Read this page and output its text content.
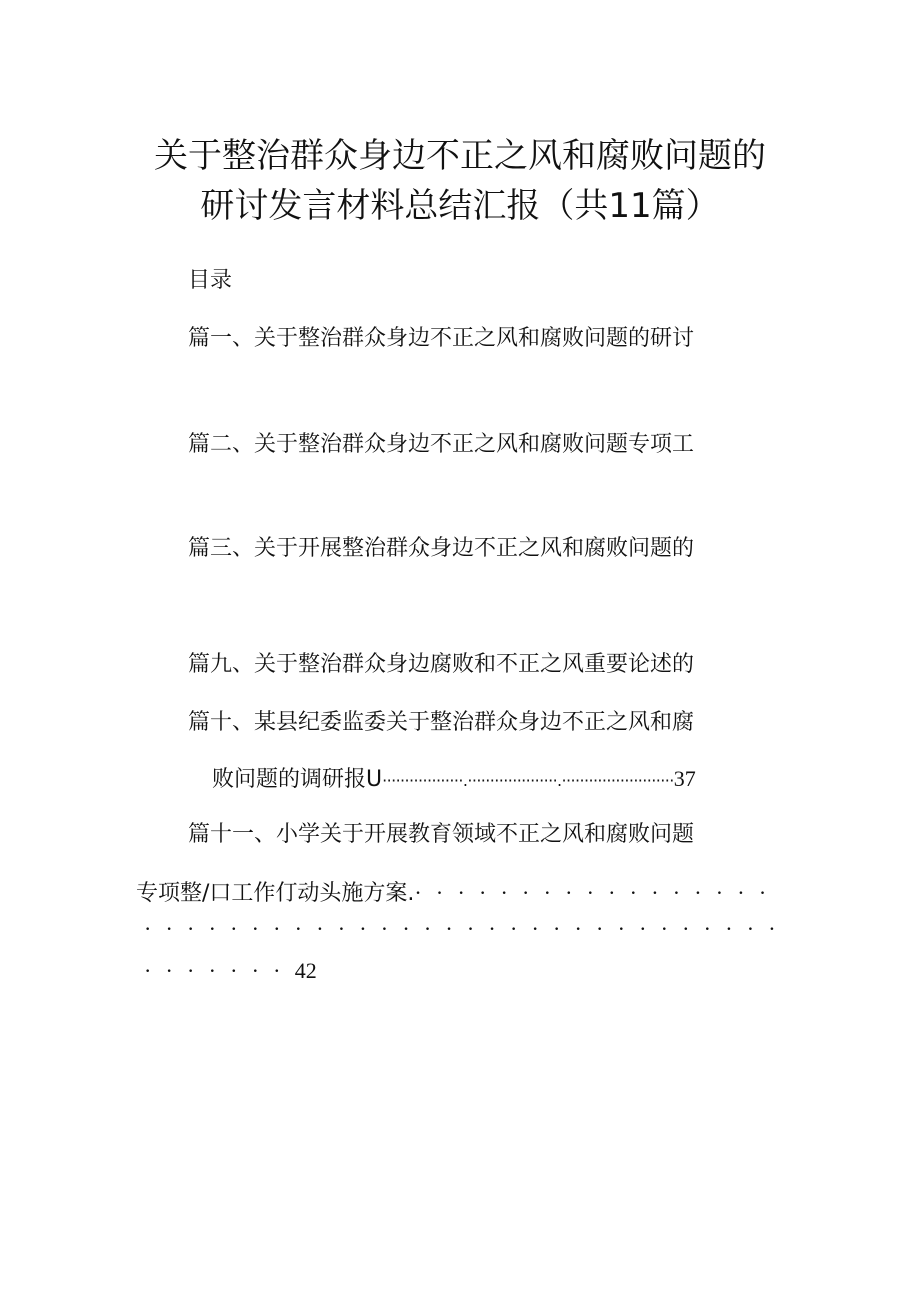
关于整治群众身边不正之风和腐败问题的
研讨发言材料总结汇报（共11篇）
目录
篇一、关于整治群众身边不正之风和腐败问题的研讨
篇二、关于整治群众身边不正之风和腐败问题专项工
篇三、关于开展整治群众身边不正之风和腐败问题的
篇九、关于整治群众身边腐败和不正之风重要论述的
篇十、某县纪委监委关于整治群众身边不正之风和腐
败问题的调研报U··················.····················.·························37
篇十一、小学关于开展教育领域不正之风和腐败问题
专项整/口工作仃动头施方案.·················
······························
·······42
